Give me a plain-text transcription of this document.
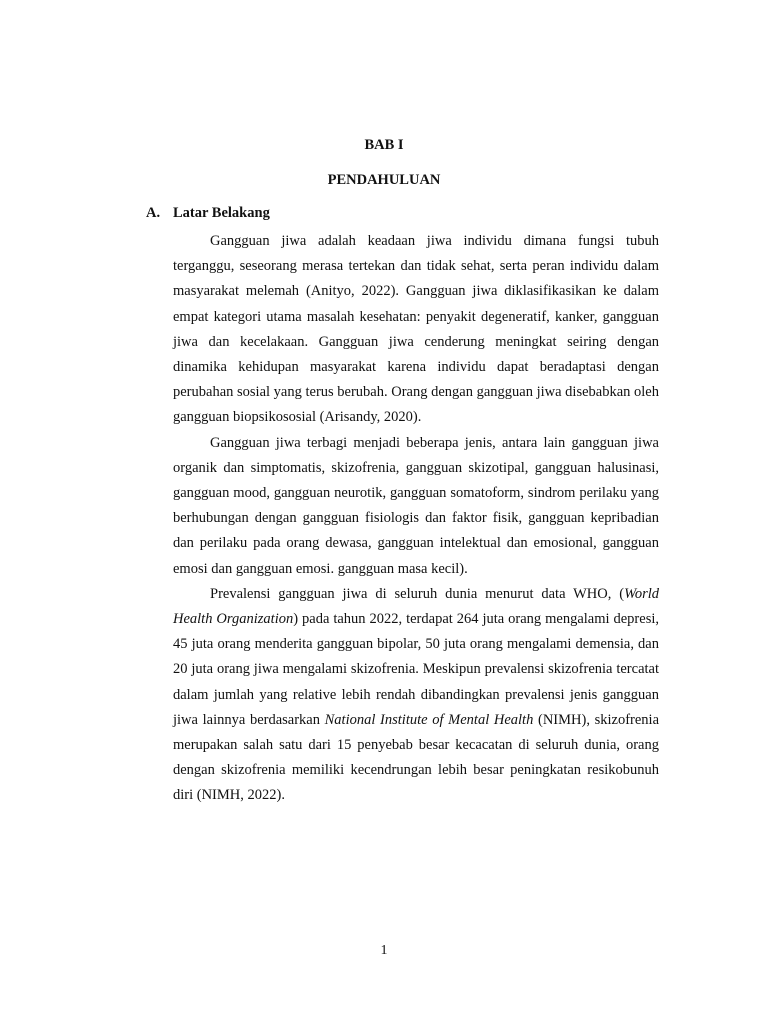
BAB I
PENDAHULUAN
A. Latar Belakang

Gangguan jiwa adalah keadaan jiwa individu dimana fungsi tubuh terganggu, seseorang merasa tertekan dan tidak sehat, serta peran individu dalam masyarakat melemah (Anityo, 2022). Gangguan jiwa diklasifikasikan ke dalam empat kategori utama masalah kesehatan: penyakit degeneratif, kanker, gangguan jiwa dan kecelakaan. Gangguan jiwa cenderung meningkat seiring dengan dinamika kehidupan masyarakat karena individu dapat beradaptasi dengan perubahan sosial yang terus berubah. Orang dengan gangguan jiwa disebabkan oleh gangguan biopsikososial (Arisandy, 2020).

Gangguan jiwa terbagi menjadi beberapa jenis, antara lain gangguan jiwa organik dan simptomatis, skizofrenia, gangguan skizotipal, gangguan halusinasi, gangguan mood, gangguan neurotik, gangguan somatoform, sindrom perilaku yang berhubungan dengan gangguan fisiologis dan faktor fisik, gangguan kepribadian dan perilaku pada orang dewasa, gangguan intelektual dan emosional, gangguan emosi dan gangguan emosi. gangguan masa kecil).

Prevalensi gangguan jiwa di seluruh dunia menurut data WHO, (World Health Organization) pada tahun 2022, terdapat 264 juta orang mengalami depresi, 45 juta orang menderita gangguan bipolar, 50 juta orang mengalami demensia, dan 20 juta orang jiwa mengalami skizofrenia. Meskipun prevalensi skizofrenia tercatat dalam jumlah yang relative lebih rendah dibandingkan prevalensi jenis gangguan jiwa lainnya berdasarkan National Institute of Mental Health (NIMH), skizofrenia merupakan salah satu dari 15 penyebab besar kecacatan di seluruh dunia, orang dengan skizofrenia memiliki kecendrungan lebih besar peningkatan resikobunuh diri (NIMH, 2022).

1
